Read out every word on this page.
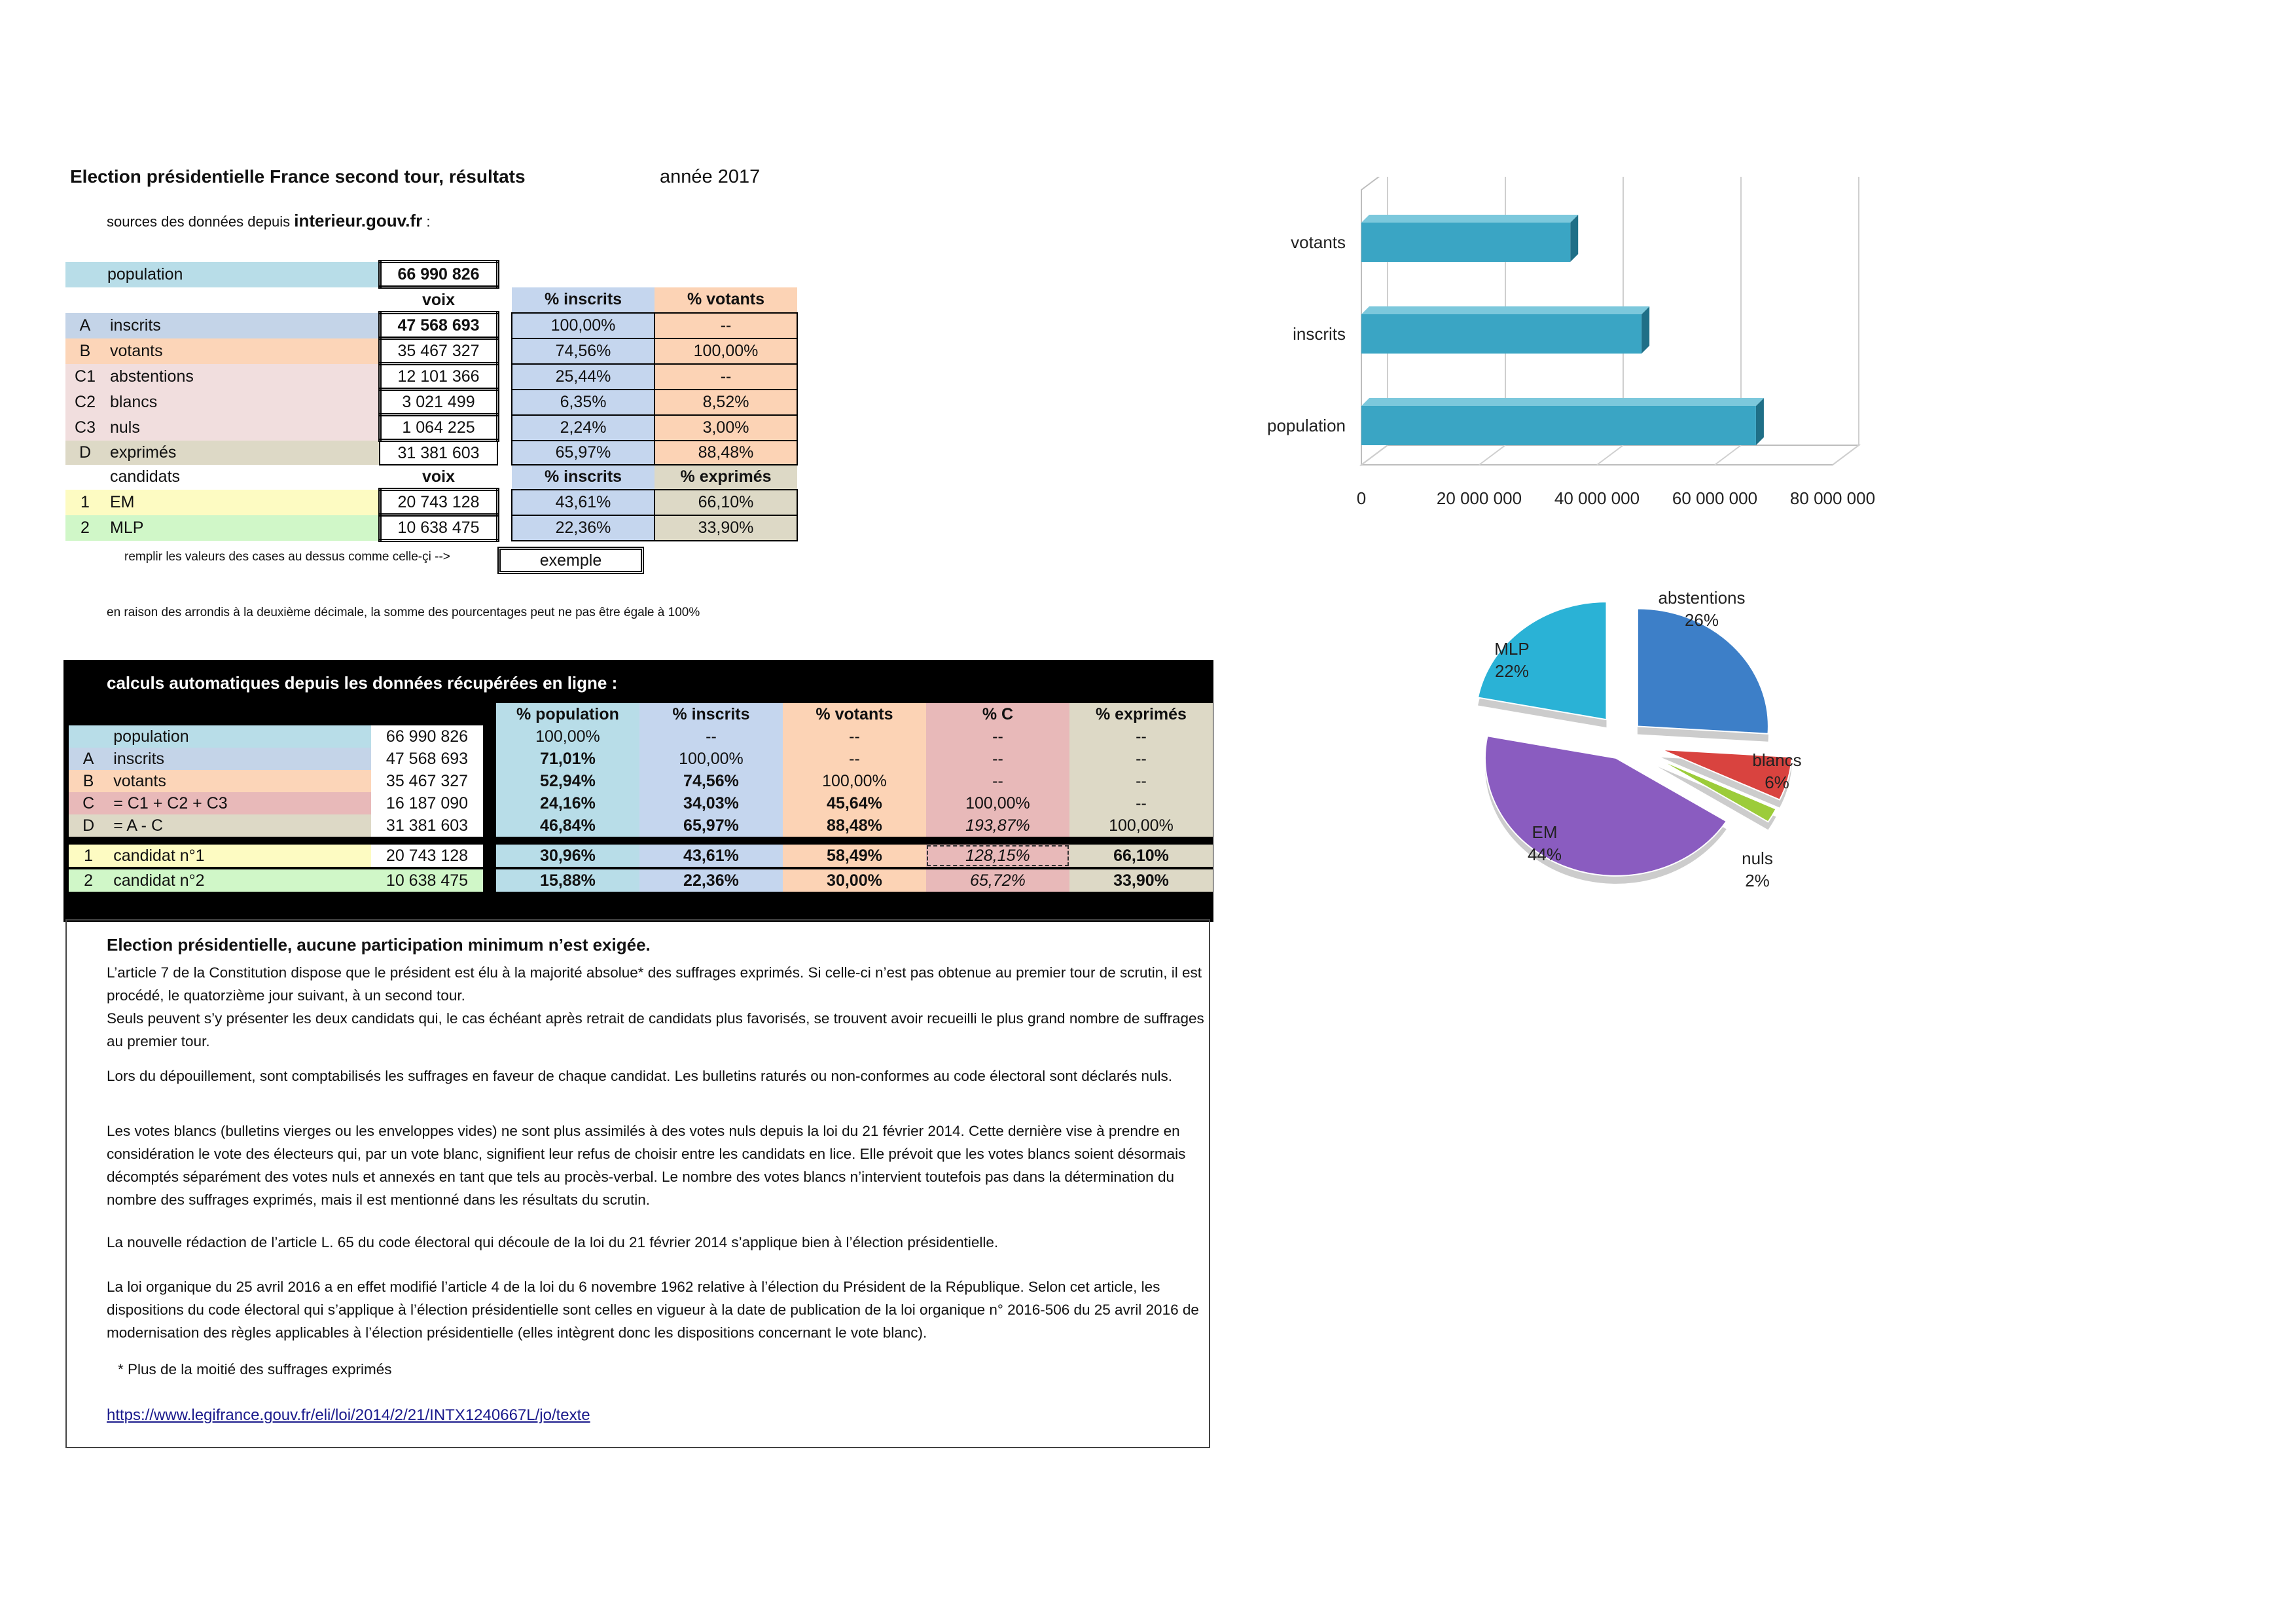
Election présidentielle France second tour, résultats	année 2017
sources des données depuis interieur.gouv.fr :
population		66 990 826			
		voix		% inscrits	% votants
A	inscrits	47 568 693		100,00%	--
B	votants	35 467 327		74,56%	100,00%
C1	abstentions	12 101 366		25,44%	--
C2	blancs	3 021 499		6,35%	8,52%
C3	nuls	1 064 225		2,24%	3,00%
D	exprimés	31 381 603		65,97%	88,48%
	candidats	voix		% inscrits	% exprimés
1	EM	20 743 128		43,61%	66,10%
2	MLP	10 638 475		22,36%	33,90%
remplir les valeurs des cases au dessus comme celle-çi -->	exemple
en raison des arrondis à la deuxième décimale, la somme des pourcentages peut ne pas être égale à 100%
calculs automatiques depuis les données récupérées en ligne :
				% population	% inscrits	% votants	% C	% exprimés
	population	66 990 826		100,00%	--	--	--	--
A	inscrits	47 568 693		71,01%	100,00%	--	--	--
B	votants	35 467 327		52,94%	74,56%	100,00%	--	--
C	= C1 + C2 + C3	16 187 090		24,16%	34,03%	45,64%	100,00%	--
D	= A - C	31 381 603		46,84%	65,97%	88,48%	193,87%	100,00%

1	candidat n°1	20 743 128		30,96%	43,61%	58,49%	128,15%	66,10%

2	candidat n°2	10 638 475		15,88%	22,36%	30,00%	65,72%	33,90%
Election présidentielle, aucune participation minimum n’est exigée.
L’article 7 de la Constitution dispose que le président est élu à la majorité absolue* des suffrages exprimés. Si celle-ci n’est pas obtenue au premier tour de scrutin, il est procédé, le quatorzième jour suivant, à un second tour.
Seuls peuvent s’y présenter les deux candidats qui, le cas échéant après retrait de candidats plus favorisés, se trouvent avoir recueilli le plus grand nombre de suffrages au premier tour.
Lors du dépouillement, sont comptabilisés les suffrages en faveur de chaque candidat. Les bulletins raturés ou non-conformes au code électoral sont déclarés nuls.
Les votes blancs (bulletins vierges ou les enveloppes vides) ne sont plus assimilés à des votes nuls depuis la loi du 21 février 2014. Cette dernière vise à prendre en considération le vote des électeurs qui, par un vote blanc, signifient leur refus de choisir entre les candidats en lice. Elle prévoit que les votes blancs soient désormais décomptés séparément des votes nuls et annexés en tant que tels au procès-verbal. Le nombre des votes blancs n’intervient toutefois pas dans la détermination du nombre des suffrages exprimés, mais il est mentionné dans les résultats du scrutin.
La nouvelle rédaction de l’article L. 65 du code électoral qui découle de la loi du 21 février 2014 s’applique bien à l’élection présidentielle.
La loi organique du 25 avril 2016 a en effet modifié l’article 4 de la loi du 6 novembre 1962 relative à l’élection du Président de la République. Selon cet article, les dispositions du code électoral qui s’applique à l’élection présidentielle sont celles en vigueur à la date de publication de la loi organique n° 2016-506 du 25 avril 2016 de modernisation des règles applicables à l’élection présidentielle (elles intègrent donc les dispositions concernant le vote blanc).
* Plus de la moitié des suffrages exprimés
https://www.legifrance.gouv.fr/eli/loi/2014/2/21/INTX1240667L/jo/texte
0	20 000 000 40 000 000 60 000 000 80 000 000
votants
inscrits
population
abstentions
26%
blancs
6%
nuls
2%
EM
44%
MLP
22%
